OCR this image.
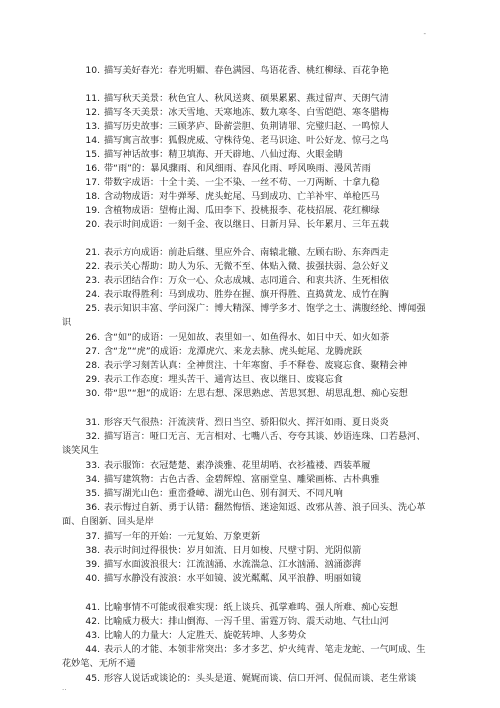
-
10. 描写美好春光：春光明媚、春色满园、鸟语花香、桃红柳绿、百花争艳
11. 描写秋天美景：秋色宜人、秋风送爽、硕果累累、燕过留声、天朗气清
12. 描写冬天美景：冰天雪地、天寒地冻、数九寒冬、白雪皑皑、寒冬腊梅
13. 描写历史故事：三顾茅庐、卧薪尝胆、负荆请罪、完璧归赵、一鸣惊人
14. 描写寓言故事：狐假虎威、守株待兔、老马识途、叶公好龙、惊弓之鸟
15. 描写神话故事：精卫填海、开天辟地、八仙过海、火眼金睛
16. 带“雨”的：暴风骤雨、和风细雨、春风化雨、呼风唤雨、漫风苦雨
17. 带数字成语：十全十美、一尘不染、一丝不苟、一刀两断、十拿九稳
18. 含动物成语：对牛弹琴、虎头蛇尾、马到成功、亡羊补牢、单枪匹马
19. 含植物成语：望梅止渴、瓜田李下、投桃报李、花枝招展、花红柳绿
20. 表示时间成语：一刻千金、夜以继日、日新月异、长年累月、三年五载
21. 表示方向成语：前赴后继、里应外合、南辕北辙、左顾右盼、东奔西走
22. 表示关心帮助：助人为乐、无微不至、体贴入微、拔强扶弱、急公好义
23. 表示团结合作：万众一心、众志成城、志同道合、和衷共济、生死相依
24. 表示取得胜利：马到成功、胜券在握、旗开得胜、直捣黄龙、成竹在胸
25. 表示知识丰富、学问深广：博大精深、博学多才、饱学之士、满腹经纶、博闻强
识
26. 含“如”的成语：一见如故、表里如一、如鱼得水、如日中天、如火如荼
27. 含“龙”“虎”的成语：龙潭虎穴、来龙去脉、虎头蛇尾、龙腾虎跃
28. 表示学习刻苦认真：全神贯注、十年寒窗、手不释卷、废寝忘食、聚精会神
29. 表示工作态度：埋头苦干、通宵达旦、夜以继日、废寝忘食
30. 带“思”“想”的成语：左思右想、深思熟虑、苦思冥想、胡思乱想、痴心妄想
31. 形容天气很热：汗流浃背、烈日当空、骄阳似火、挥汗如雨、夏日炎炎
32. 描写语言：哑口无言、无言相对、七嘴八舌、夸夸其谈、妙语连珠、口若悬河、
谈笑风生
33. 表示服饰：衣冠楚楚、素净淡雅、花里胡哨、衣衫褴褛、西装革履
34. 描写建筑物：古色古香、金碧辉煌、富丽堂皇、雕梁画栋、古朴典雅
35. 描写湖光山色：重峦叠嶂、湖光山色、别有洞天、不同凡响
36. 表示悔过自新、勇于认错：翻然悔悟、迷途知返、改邪从善、浪子回头、洗心革
面、自图新、回头是岸
37. 描写一年的开始：一元复始、万象更新
38. 表示时间过得很快：岁月如流、日月如梭、尺壁寸阴、光阴似箭
39. 描写水面波浪很大：江流汹涌、水流湍急、江水汹涌、汹涌澎湃
40. 描写水静没有波浪：水平如镜、波光粼粼、风平浪静、明丽如镜
41. 比喻事情不可能或很难实现：纸上谈兵、孤掌难鸣、强人所难、痴心妄想
42. 比喻威力极大：排山倒海、一泻千里、雷霆万钧、震天动地、气壮山河
43. 比喻人的力量大：人定胜天、旋乾转坤、人多势众
44. 表示人的才能、本领非常突出：多才多艺、炉火纯青、笔走龙蛇、一气呵成、生
花妙笔、无所不通
45. 形容人说话或谈论的：头头是道、娓娓而谈、信口开河、侃侃而谈、老生常谈
..
